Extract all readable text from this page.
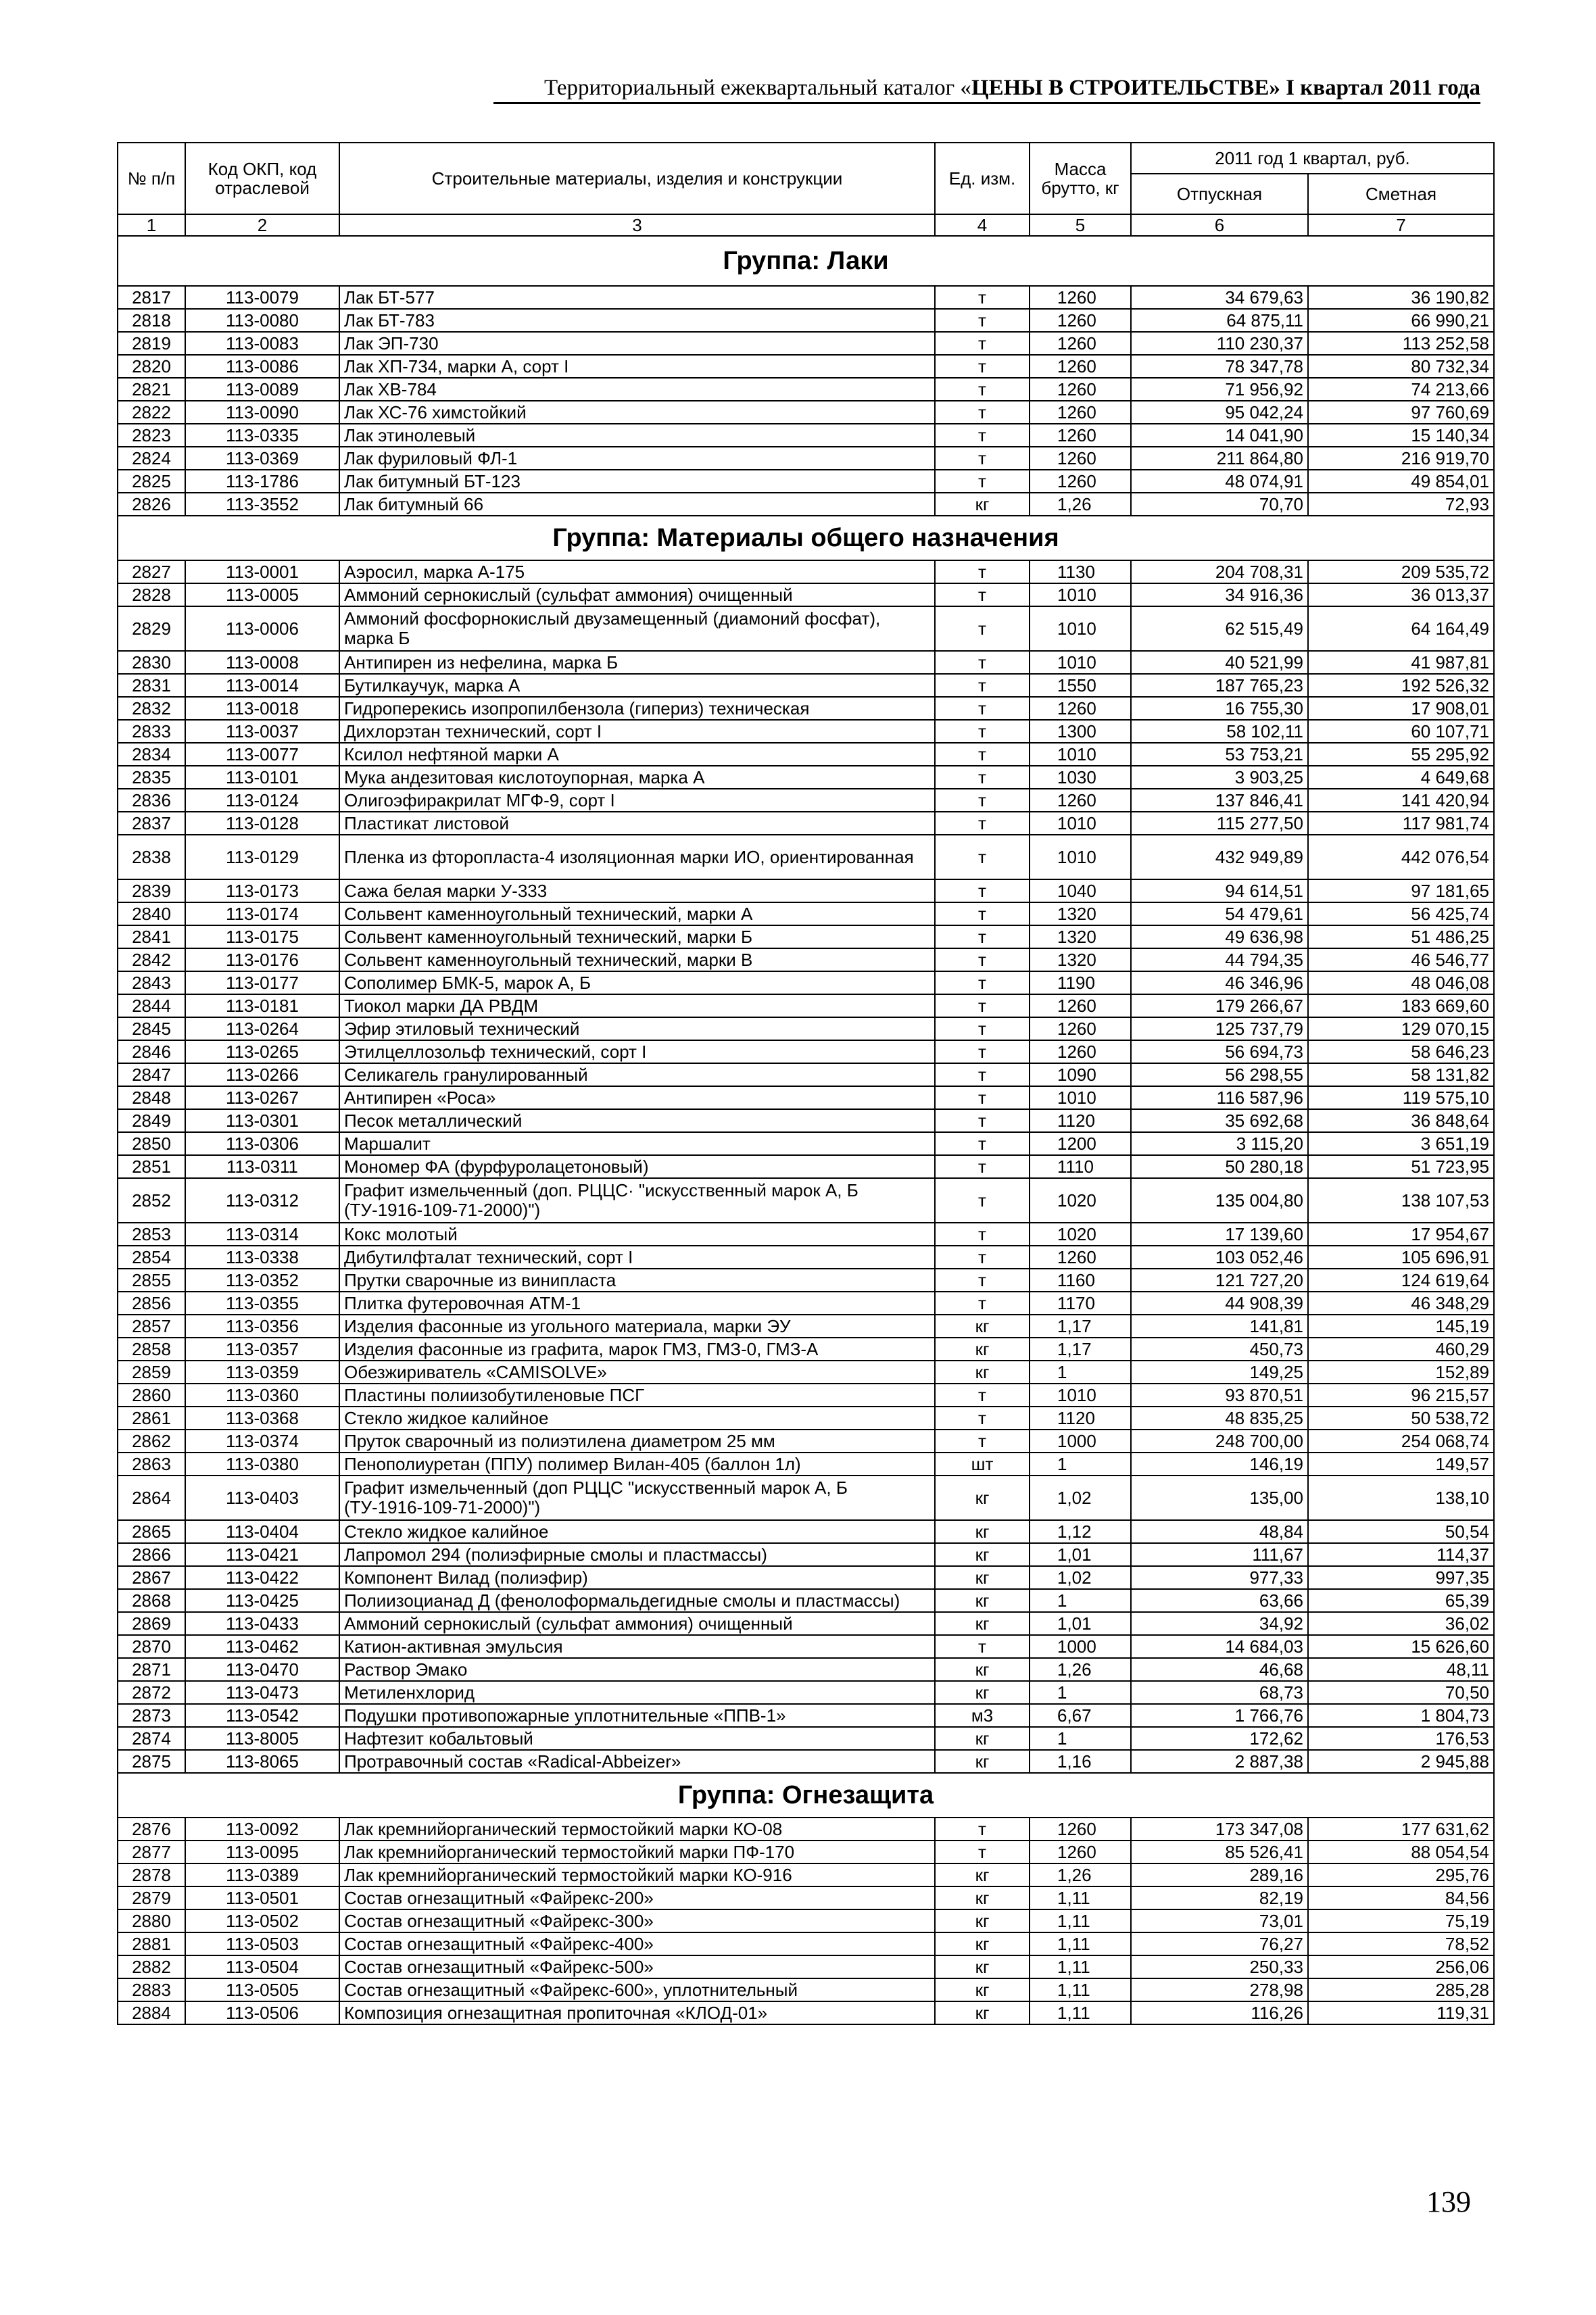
Территориальный ежеквартальный каталог «ЦЕНЫ В СТРОИТЕЛЬСТВЕ» I квартал 2011 года
№ п/п	Код ОКП, код отраслевой	Строительные материалы, изделия и конструкции	Ед. изм.	Масса брутто, кг	2011 год 1 квартал, руб.	
					Отпускная	Сметная
1	2	3	4	5	6	7
Группа: Лаки						
2817	113-0079	Лак БТ-577	т	1260	34 679,63	36 190,82
2818	113-0080	Лак БТ-783	т	1260	64 875,11	66 990,21
2819	113-0083	Лак ЭП-730	т	1260	110 230,37	113 252,58
2820	113-0086	Лак ХП-734, марки А, сорт I	т	1260	78 347,78	80 732,34
2821	113-0089	Лак ХВ-784	т	1260	71 956,92	74 213,66
2822	113-0090	Лак ХС-76 химстойкий	т	1260	95 042,24	97 760,69
2823	113-0335	Лак этинолевый	т	1260	14 041,90	15 140,34
2824	113-0369	Лак фуриловый ФЛ-1	т	1260	211 864,80	216 919,70
2825	113-1786	Лак битумный БТ-123	т	1260	48 074,91	49 854,01
2826	113-3552	Лак битумный 66	кг	1,26	70,70	72,93
Группа: Материалы общего назначения						
2827	113-0001	Аэросил, марка А-175	т	1130	204 708,31	209 535,72
2828	113-0005	Аммоний сернокислый (сульфат аммония) очищенный	т	1010	34 916,36	36 013,37
2829	113-0006	Аммоний фосфорнокислый двузамещенный (диамоний фосфат), марка Б	т	1010	62 515,49	64 164,49
2830	113-0008	Антипирен из нефелина, марка Б	т	1010	40 521,99	41 987,81
2831	113-0014	Бутилкаучук, марка А	т	1550	187 765,23	192 526,32
2832	113-0018	Гидроперекись изопропилбензола (гипериз) техническая	т	1260	16 755,30	17 908,01
2833	113-0037	Дихлорэтан технический, сорт I	т	1300	58 102,11	60 107,71
2834	113-0077	Ксилол нефтяной марки А	т	1010	53 753,21	55 295,92
2835	113-0101	Мука андезитовая кислотоупорная, марка А	т	1030	3 903,25	4 649,68
2836	113-0124	Олигоэфиракрилат МГФ-9, сорт I	т	1260	137 846,41	141 420,94
2837	113-0128	Пластикат листовой	т	1010	115 277,50	117 981,74
2838	113-0129	Пленка из фторопласта-4 изоляционная марки ИО, ориентированная	т	1010	432 949,89	442 076,54
2839	113-0173	Сажа белая марки У-333	т	1040	94 614,51	97 181,65
2840	113-0174	Сольвент каменноугольный технический, марки А	т	1320	54 479,61	56 425,74
2841	113-0175	Сольвент каменноугольный технический, марки Б	т	1320	49 636,98	51 486,25
2842	113-0176	Сольвент каменноугольный технический, марки В	т	1320	44 794,35	46 546,77
2843	113-0177	Сополимер БМК-5, марок А, Б	т	1190	46 346,96	48 046,08
2844	113-0181	Тиокол марки ДА РВДМ	т	1260	179 266,67	183 669,60
2845	113-0264	Эфир этиловый технический	т	1260	125 737,79	129 070,15
2846	113-0265	Этилцеллозольф технический, сорт I	т	1260	56 694,73	58 646,23
2847	113-0266	Селикагель гранулированный	т	1090	56 298,55	58 131,82
2848	113-0267	Антипирен «Роса»	т	1010	116 587,96	119 575,10
2849	113-0301	Песок металлический	т	1120	35 692,68	36 848,64
2850	113-0306	Маршалит	т	1200	3 115,20	3 651,19
2851	113-0311	Мономер ФА (фурфуролацетоновый)	т	1110	50 280,18	51 723,95
2852	113-0312	Графит измельченный (доп. РЦЦС· "искусственный марок А, Б (ТУ-1916-109-71-2000)")	т	1020	135 004,80	138 107,53
2853	113-0314	Кокс молотый	т	1020	17 139,60	17 954,67
2854	113-0338	Дибутилфталат технический, сорт I	т	1260	103 052,46	105 696,91
2855	113-0352	Прутки сварочные из винипласта	т	1160	121 727,20	124 619,64
2856	113-0355	Плитка футеровочная АТМ-1	т	1170	44 908,39	46 348,29
2857	113-0356	Изделия фасонные из угольного материала, марки ЭУ	кг	1,17	141,81	145,19
2858	113-0357	Изделия фасонные из графита, марок ГМЗ, ГМЗ-0, ГМЗ-А	кг	1,17	450,73	460,29
2859	113-0359	Обезжириватель «CAMISOLVE»	кг	1	149,25	152,89
2860	113-0360	Пластины полиизобутиленовые ПСГ	т	1010	93 870,51	96 215,57
2861	113-0368	Стекло жидкое калийное	т	1120	48 835,25	50 538,72
2862	113-0374	Пруток сварочный из полиэтилена диаметром 25 мм	т	1000	248 700,00	254 068,74
2863	113-0380	Пенополиуретан (ППУ) полимер Вилан-405 (баллон 1л)	шт	1	146,19	149,57
2864	113-0403	Графит измельченный (доп РЦЦС "искусственный марок А, Б (ТУ-1916-109-71-2000)")	кг	1,02	135,00	138,10
2865	113-0404	Стекло жидкое калийное	кг	1,12	48,84	50,54
2866	113-0421	Лапромол 294 (полиэфирные смолы и пластмассы)	кг	1,01	111,67	114,37
2867	113-0422	Компонент Вилад (полиэфир)	кг	1,02	977,33	997,35
2868	113-0425	Полиизоцианад Д (фенолоформальдегидные смолы и пластмассы)	кг	1	63,66	65,39
2869	113-0433	Аммоний сернокислый (сульфат аммония) очищенный	кг	1,01	34,92	36,02
2870	113-0462	Катион-активная эмульсия	т	1000	14 684,03	15 626,60
2871	113-0470	Раствор Эмако	кг	1,26	46,68	48,11
2872	113-0473	Метиленхлорид	кг	1	68,73	70,50
2873	113-0542	Подушки противопожарные уплотнительные «ППВ-1»	м3	6,67	1 766,76	1 804,73
2874	113-8005	Нафтезит кобальтовый	кг	1	172,62	176,53
2875	113-8065	Протравочный состав «Radical-Abbeizer»	кг	1,16	2 887,38	2 945,88
Группа: Огнезащита						
2876	113-0092	Лак кремнийорганический термостойкий марки КО-08	т	1260	173 347,08	177 631,62
2877	113-0095	Лак кремнийорганический термостойкий марки ПФ-170	т	1260	85 526,41	88 054,54
2878	113-0389	Лак кремнийорганический термостойкий марки КО-916	кг	1,26	289,16	295,76
2879	113-0501	Состав огнезащитный «Файрекс-200»	кг	1,11	82,19	84,56
2880	113-0502	Состав огнезащитный «Файрекс-300»	кг	1,11	73,01	75,19
2881	113-0503	Состав огнезащитный «Файрекс-400»	кг	1,11	76,27	78,52
2882	113-0504	Состав огнезащитный «Файрекс-500»	кг	1,11	250,33	256,06
2883	113-0505	Состав огнезащитный «Файрекс-600», уплотнительный	кг	1,11	278,98	285,28
2884	113-0506	Композиция огнезащитная пропиточная «КЛОД-01»	кг	1,11	116,26	119,31
139
